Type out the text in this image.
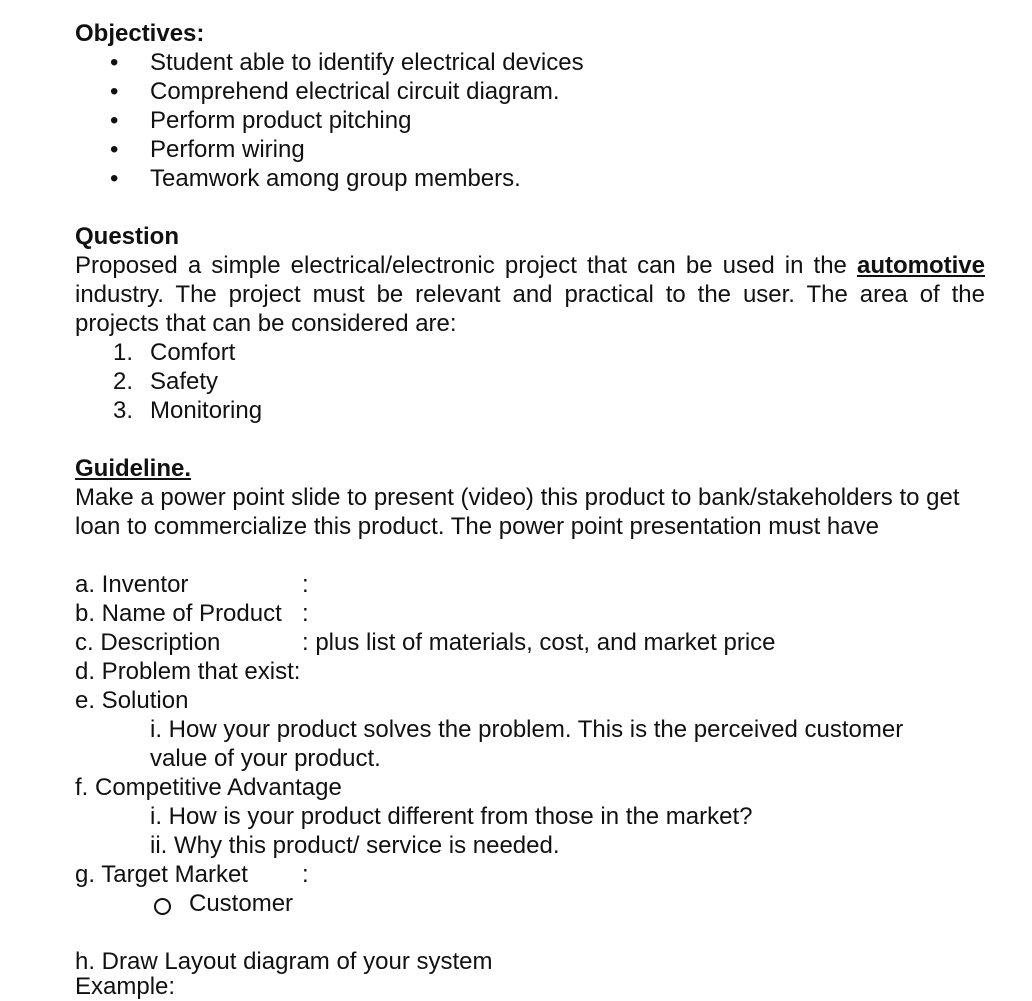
Objectives:
• Student able to identify electrical devices
• Comprehend electrical circuit diagram.
• Perform product pitching
• Perform wiring
• Teamwork among group members.
Question
Proposed a simple electrical/electronic project that can be used in the automotive industry. The project must be relevant and practical to the user. The area of the projects that can be considered are:
1. Comfort
2. Safety
3. Monitoring
Guideline.
Make a power point slide to present (video) this product to bank/stakeholders to get loan to commercialize this product. The power point presentation must have
a. Inventor	:
b. Name of Product :
c. Description	: plus list of materials, cost, and market price
d. Problem that exist:
e. Solution
i. How your product solves the problem. This is the perceived customer
value of your product.
f. Competitive Advantage
i. How is your product different from those in the market?
ii. Why this product/ service is needed.
g. Target Market :
Customer
h. Draw Layout diagram of your system
Example:
